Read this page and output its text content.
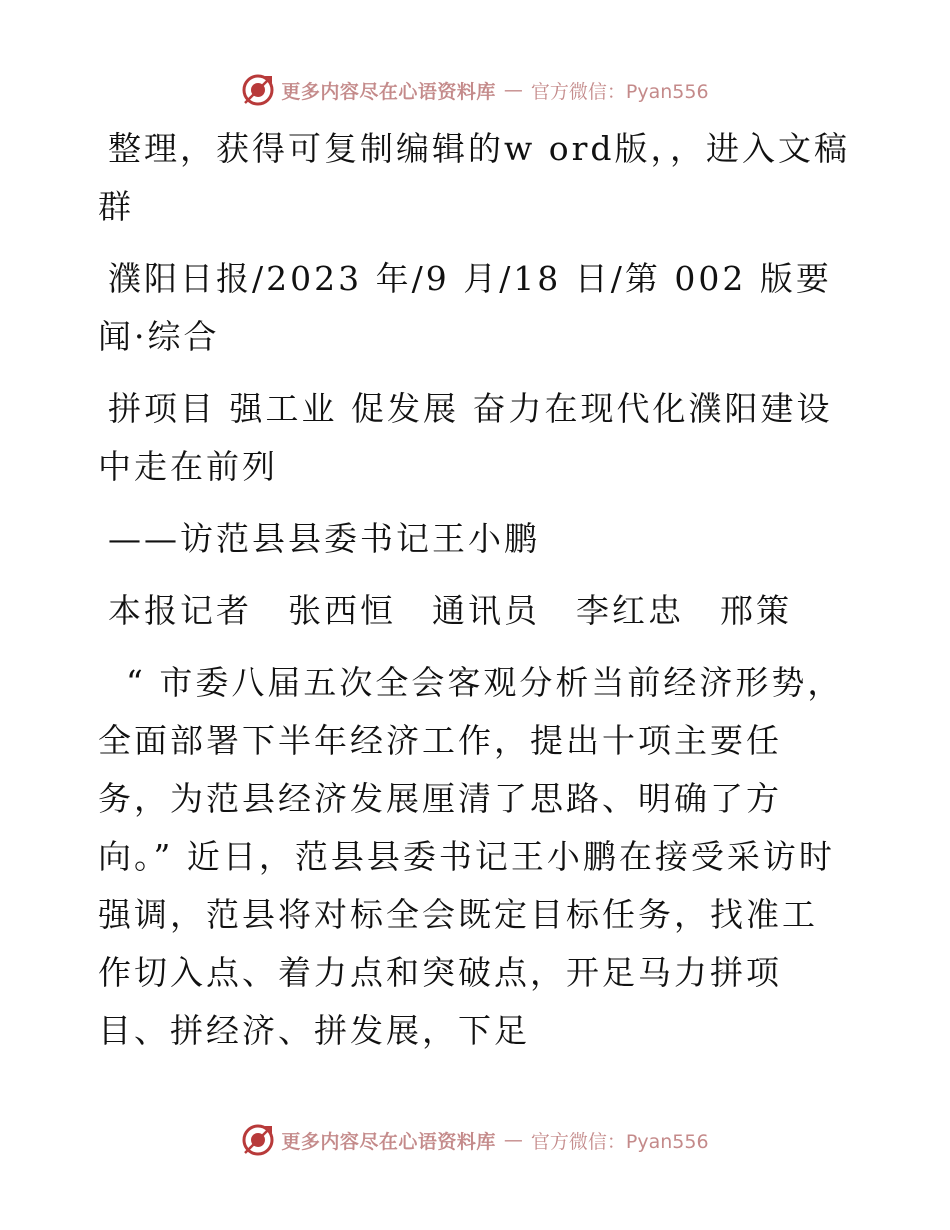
更多内容尽在心语资料库 — 官方微信：Pyan556

整理，获得可复制编辑的w ord版，，进入文稿群

濮阳日报/2023 年/9 月/18 日/第 002 版要闻·综合

拼项目 强工业 促发展 奋力在现代化濮阳建设中走在前列

——访范县县委书记王小鹏

本报记者　张西恒　通讯员　李红忠　邢策

“ 市委八届五次全会客观分析当前经济形势，全面部署下半年经济工作，提出十项主要任务，为范县经济发展厘清了思路、明确了方向。” 近日，范县县委书记王小鹏在接受采访时强调，范县将对标全会既定目标任务，找准工作切入点、着力点和突破点，开足马力拼项目、拼经济、拼发展，下足

更多内容尽在心语资料库 — 官方微信：Pyan556
